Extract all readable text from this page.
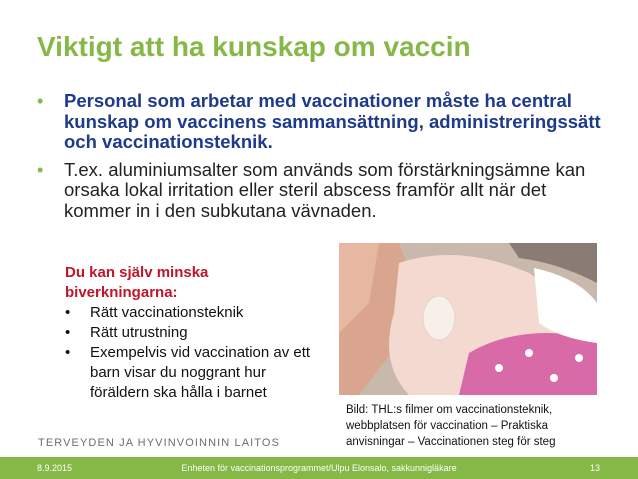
Viktigt att ha kunskap om vaccin
• Personal som arbetar med vaccinationer måste ha central kunskap om vaccinens sammansättning, administreringssätt och vaccinationsteknik.
• T.ex. aluminiumsalter som används som förstärkningsämne kan orsaka lokal irritation eller steril abscess framför allt när det kommer in i den subkutana vävnaden.
Du kan själv minska
biverkningarna:
• Rätt vaccinationsteknik
• Rätt utrustning
• Exempelvis vid vaccination av ett barn visar du noggrant hur föräldern ska hålla i barnet
Bild: THL:s filmer om vaccinationsteknik, webbplatsen för vaccination – Praktiska anvisningar – Vaccinationen steg för steg
TERVEYDEN JA HYVINVOINNIN LAITOS
8.9.2015	Enheten för vaccinationsprogrammet/Ulpu Elonsalo, sakkunnigläkare	13
